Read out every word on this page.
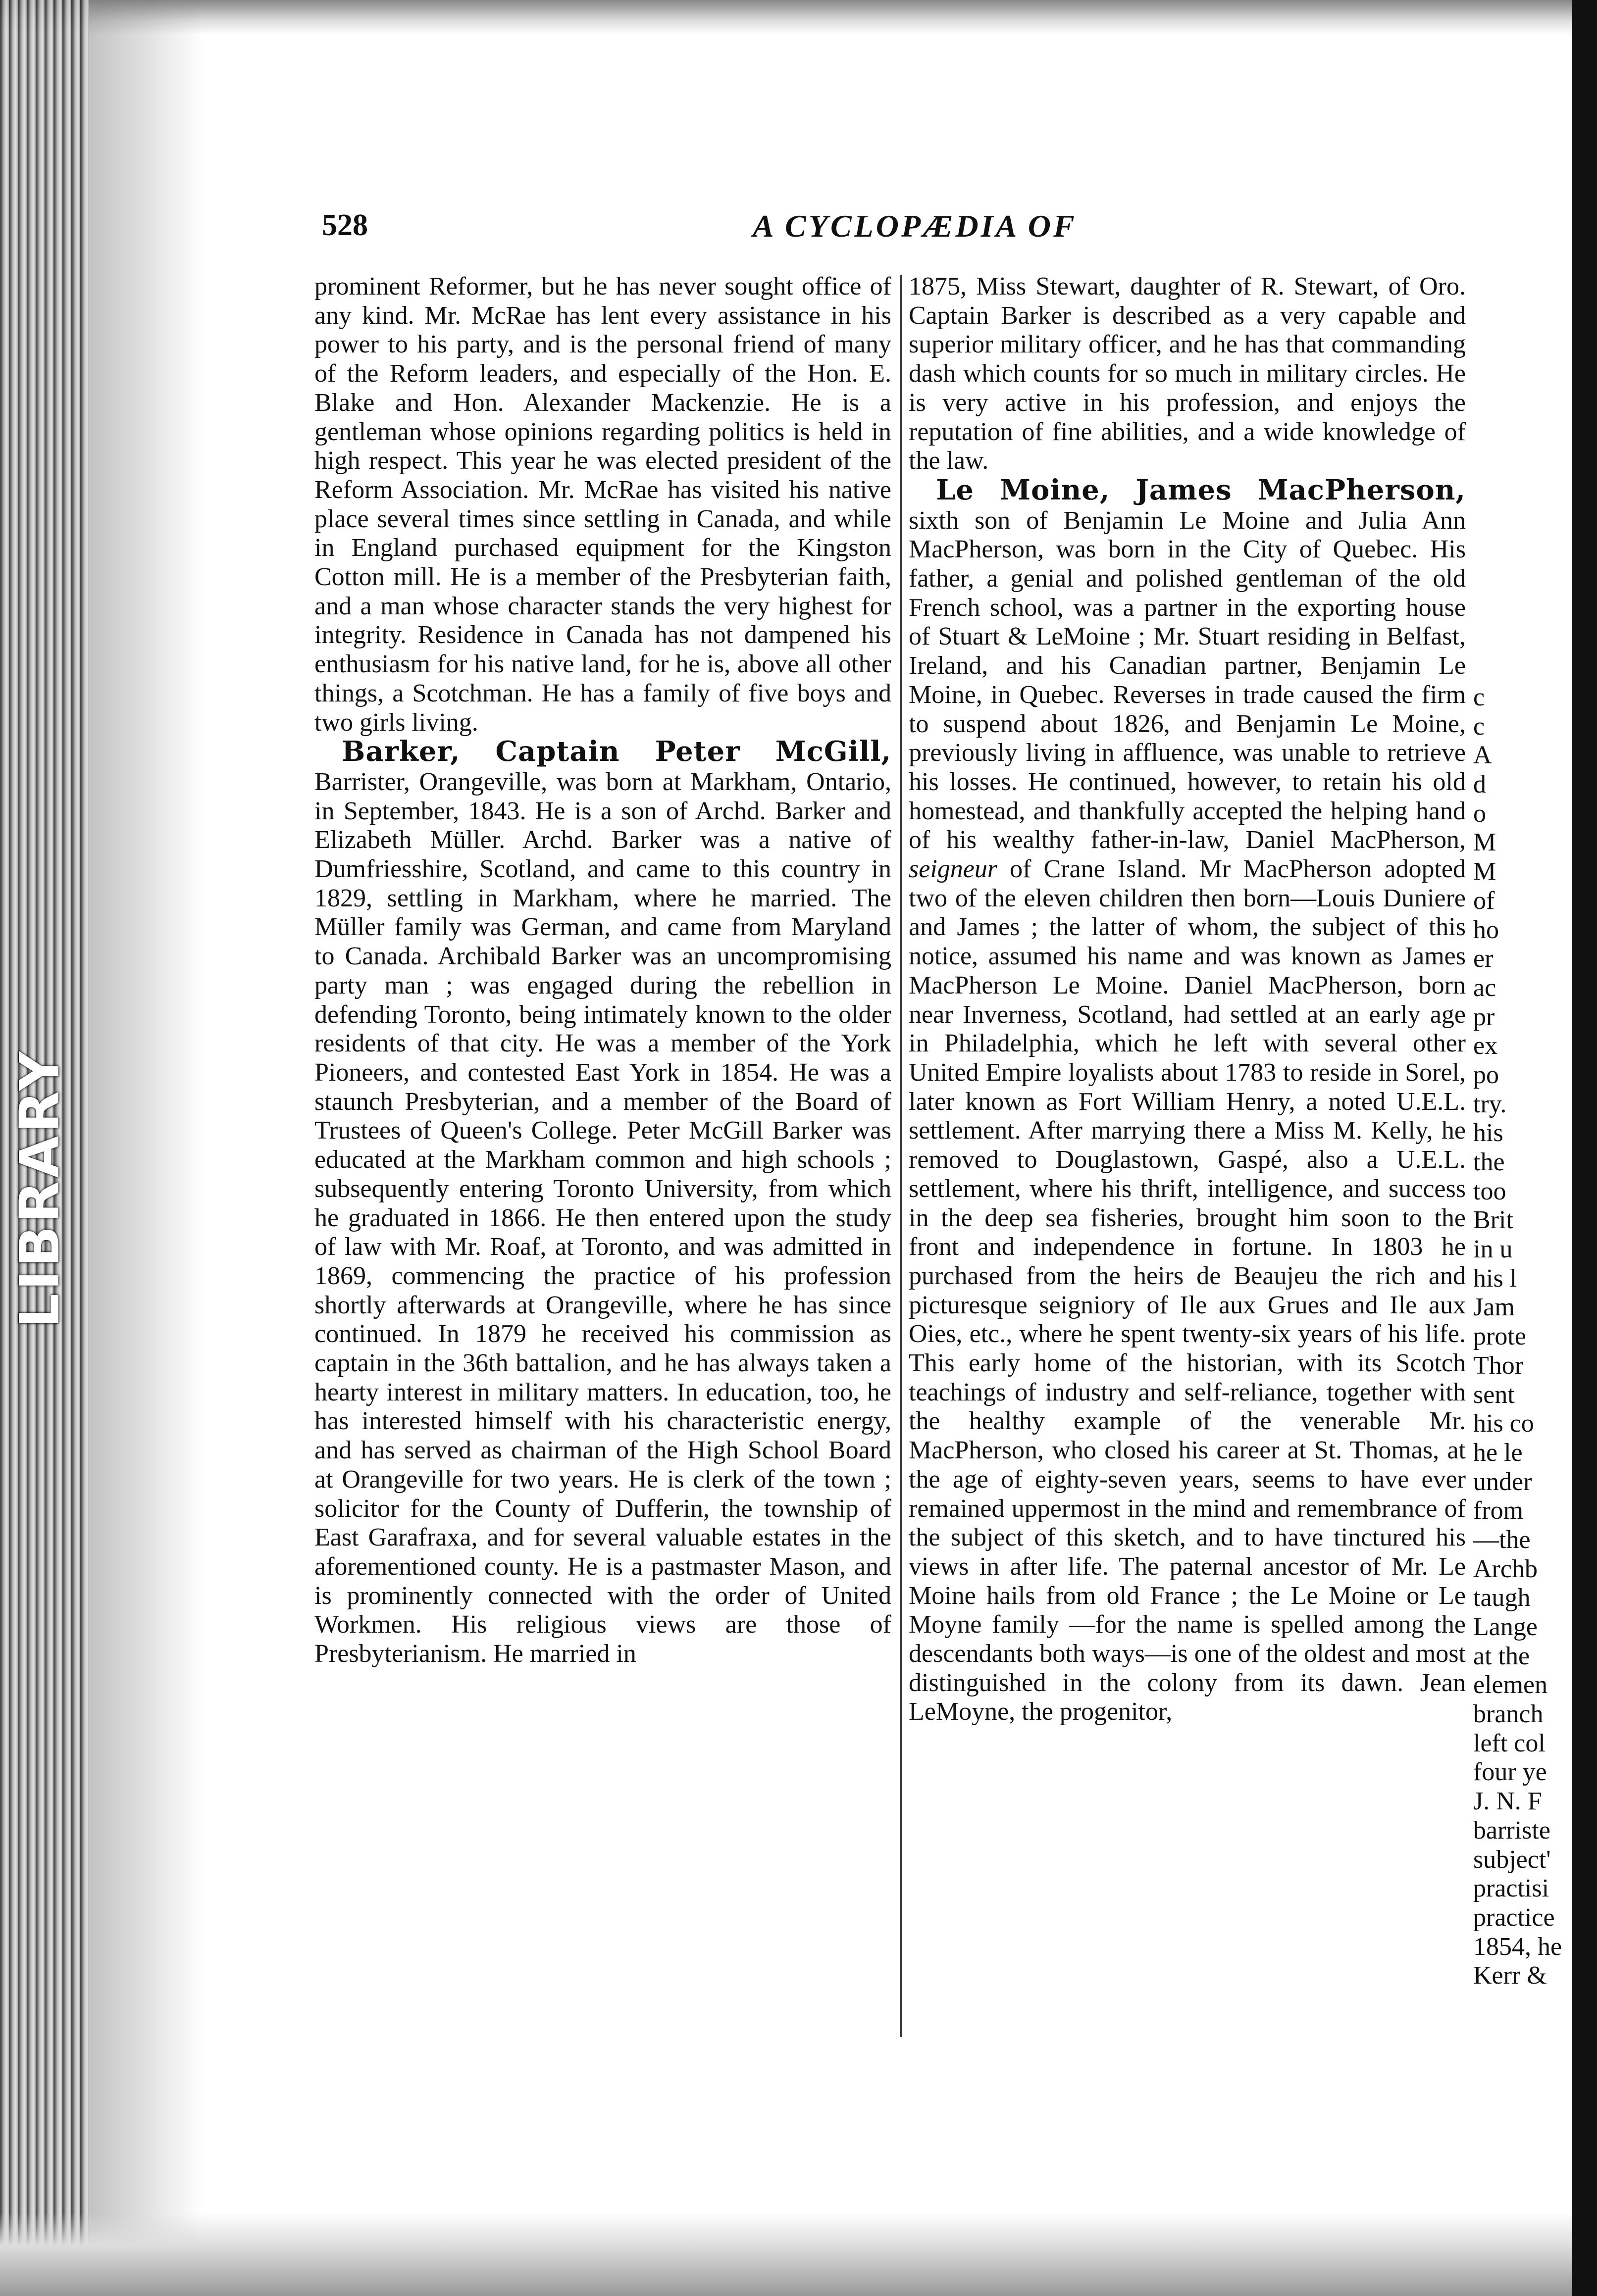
LIBRARY
528	A CYCLOPÆDIA OF

prominent Reformer, but he has never sought office of any kind. Mr. McRae has lent every assistance in his power to his party, and is the personal friend of many of the Reform leaders, and especially of the Hon. E. Blake and Hon. Alexander Mackenzie. He is a gentleman whose opinions regarding politics is held in high respect. This year he was elected president of the Reform Association. Mr. McRae has visited his native place several times since settling in Canada, and while in England purchased equipment for the Kingston Cotton mill. He is a member of the Presbyterian faith, and a man whose character stands the very highest for integrity. Residence in Canada has not dampened his enthusiasm for his native land, for he is, above all other things, a Scotchman. He has a family of five boys and two girls living.

Barker, Captain Peter McGill, Barrister, Orangeville, was born at Markham, Ontario, in September, 1843. He is a son of Archd. Barker and Elizabeth Müller. Archd. Barker was a native of Dumfriesshire, Scotland, and came to this country in 1829, settling in Markham, where he married. The Müller family was German, and came from Maryland to Canada. Archibald Barker was an uncompromising party man ; was engaged during the rebellion in defending Toronto, being intimately known to the older residents of that city. He was a member of the York Pioneers, and contested East York in 1854. He was a staunch Presbyterian, and a member of the Board of Trustees of Queen's College. Peter McGill Barker was educated at the Markham common and high schools ; subsequently entering Toronto University, from which he graduated in 1866. He then entered upon the study of law with Mr. Roaf, at Toronto, and was admitted in 1869, commencing the practice of his profession shortly afterwards at Orangeville, where he has since continued. In 1879 he received his commission as captain in the 36th battalion, and he has always taken a hearty interest in military matters. In education, too, he has interested himself with his characteristic energy, and has served as chairman of the High School Board at Orangeville for two years. He is clerk of the town ; solicitor for the County of Dufferin, the township of East Garafraxa, and for several valuable estates in the aforementioned county. He is a pastmaster Mason, and is prominently connected with the order of United Workmen. His religious views are those of Presbyterianism. He married in

1875, Miss Stewart, daughter of R. Stewart, of Oro. Captain Barker is described as a very capable and superior military officer, and he has that commanding dash which counts for so much in military circles. He is very active in his profession, and enjoys the reputation of fine abilities, and a wide knowledge of the law.

Le Moine, James MacPherson, sixth son of Benjamin Le Moine and Julia Ann MacPherson, was born in the City of Quebec. His father, a genial and polished gentleman of the old French school, was a partner in the exporting house of Stuart & LeMoine ; Mr. Stuart residing in Belfast, Ireland, and his Canadian partner, Benjamin Le Moine, in Quebec. Reverses in trade caused the firm to suspend about 1826, and Benjamin Le Moine, previously living in affluence, was unable to retrieve his losses. He continued, however, to retain his old homestead, and thankfully accepted the helping hand of his wealthy father-in-law, Daniel MacPherson, seigneur of Crane Island. Mr MacPherson adopted two of the eleven children then born—Louis Duniere and James ; the latter of whom, the subject of this notice, assumed his name and was known as James MacPherson Le Moine. Daniel MacPherson, born near Inverness, Scotland, had settled at an early age in Philadelphia, which he left with several other United Empire loyalists about 1783 to reside in Sorel, later known as Fort William Henry, a noted U.E.L. settlement. After marrying there a Miss M. Kelly, he removed to Douglastown, Gaspé, also a U.E.L. settlement, where his thrift, intelligence, and success in the deep sea fisheries, brought him soon to the front and independence in fortune. In 1803 he purchased from the heirs de Beaujeu the rich and picturesque seigniory of Ile aux Grues and Ile aux Oies, etc., where he spent twenty-six years of his life. This early home of the historian, with its Scotch teachings of industry and self-reliance, together with the healthy example of the venerable Mr. MacPherson, who closed his career at St. Thomas, at the age of eighty-seven years, seems to have ever remained uppermost in the mind and remembrance of the subject of this sketch, and to have tinctured his views in after life. The paternal ancestor of Mr. Le Moine hails from old France ; the Le Moine or Le Moyne family —for the name is spelled among the descendants both ways—is one of the oldest and most distinguished in the colony from its dawn. Jean LeMoyne, the progenitor,

c
c
A
d
o
M
M
of
ho
er
ac
pr
ex
po
try.
his
the
too
Brit
in u
his l
Jam
prote
Thor
sent
his co
he le
under
from
—the
Archb
taugh
Lange
at the
elemen
branch
left col
four ye
J. N. F
barriste
subject'
practisi
practice
1854, he
Kerr &
